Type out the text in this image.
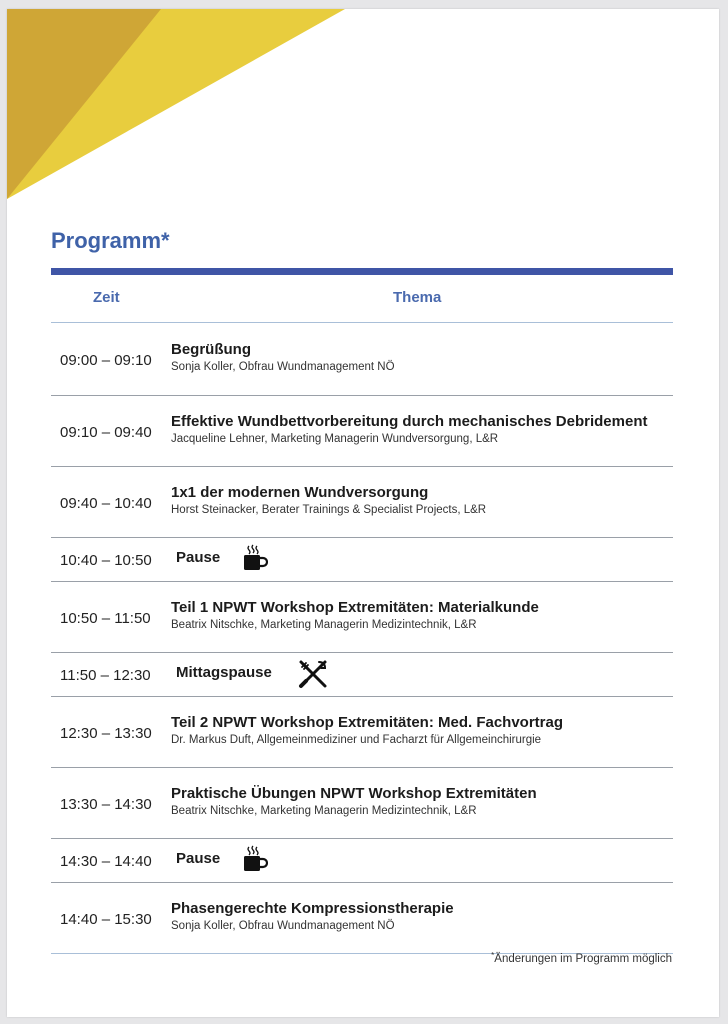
Programm*
Zeit	Thema
09:00 – 09:10
Begrüßung
Sonja Koller, Obfrau Wundmanagement NÖ
09:10 – 09:40
Effektive Wundbettvorbereitung durch mechanisches Debridement
Jacqueline Lehner, Marketing Managerin Wundversorgung, L&R
09:40 – 10:40
1x1 der modernen Wundversorgung
Horst Steinacker, Berater Trainings & Specialist Projects, L&R
10:40 – 10:50 Pause
10:50 – 11:50
Teil 1 NPWT Workshop Extremitäten: Materialkunde
Beatrix Nitschke, Marketing Managerin Medizintechnik, L&R
11:50 – 12:30 Mittagspause
12:30 – 13:30
Teil 2 NPWT Workshop Extremitäten: Med. Fachvortrag
Dr. Markus Duft, Allgemeinmediziner und Facharzt für Allgemeinchirurgie
13:30 – 14:30
Praktische Übungen NPWT Workshop Extremitäten
Beatrix Nitschke, Marketing Managerin Medizintechnik, L&R
14:30 – 14:40 Pause
14:40 – 15:30
Phasengerechte Kompressionstherapie
Sonja Koller, Obfrau Wundmanagement NÖ
*Änderungen im Programm möglich
